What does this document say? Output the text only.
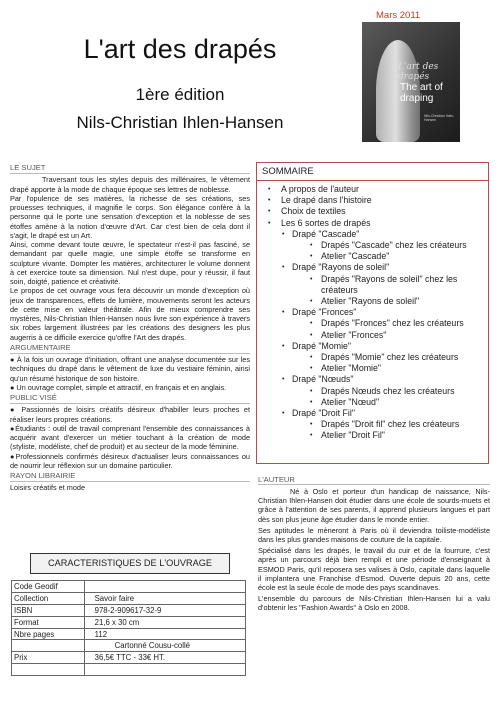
Mars 2011
L'art des
drapés
The art of
draping
Nils-Christian Ihlen-Hansen
L'art des drapés
1ère édition
Nils-Christian Ihlen-Hansen
LE SUJET

Traversant tous les styles depuis des millénaires, le vêtement drapé apporte à la mode de chaque époque ses lettres de noblesse.

Par l'opulence de ses matières, la richesse de ses créations, ses prouesses techniques, il magnifie le corps. Son élégance confère à la personne qui le porte une sensation d'exception et la noblesse de ses étoffes amène à la notion d'œuvre d'Art. Car c'est bien de cela dont il s'agit, le drapé est un Art.

Ainsi, comme devant toute œuvre, le spectateur n'est-il pas fasciné, se demandant par quelle magie, une simple étoffe se transforme en sculpture vivante. Dompter les matières, architecturer le volume donnent à cet exercice toute sa dimension. Nul n'est dupe, pour y réussir, il faut soin, doigté, patience et créativité.

Le propos de cet ouvrage vous fera découvrir un monde d'exception où jeux de transparences, effets de lumière, mouvements seront les acteurs de cette mise en valeur théâtrale. Afin de mieux comprendre ses mystères, Nils-Christian Ihlen-Hansen nous livre son expérience à travers six robes largement illustrées par les créations des designers les plus augerris à ce difficile exercice qu'offre l'Art des drapés.

ARGUMENTAIRE

● À la fois un ouvrage d'initiation, offrant une analyse documentée sur les techniques du drapé dans le vêtement de luxe du vestiaire féminin, ainsi qu'un résumé historique de son histoire.

● Un ouvrage complet, simple et attractif, en français et en anglais.

PUBLIC VISÉ

● Passionnés de loisirs créatifs désireux d'habiller leurs proches et réaliser leurs propres créations.

●Étudiants : outil de travail comprenant l'ensemble des connaissances à acquérir avant d'exercer un métier touchant à la création de mode (styliste, modéliste, chef de produit) et au secteur de la mode féminine.

●Professionnels confirmés désireux d'actualiser leurs connaissances ou de nourrir leur réflexion sur un domaine particulier.

RAYON LIBRAIRIE

Loisirs créatifs et mode

CARACTERISTIQUES DE L'OUVRAGE
Code Geodif	
Collection	Savoir faire
ISBN	978-2-909617-32-9
Format	21,6 x 30 cm
Nbre pages	112
	Cartonné Cousu-collé
Prix	36,5€ TTC - 33€ HT.

SOMMAIRE
• A propos de l'auteur
• Le drapé dans l'histoire
• Choix de textiles
• Les 6 sortes de drapés
• Drapé "Cascade"
• Drapés "Cascade" chez les créateurs
• Atelier "Cascade"
• Drapé "Rayons de soleil"
• Drapés "Rayons de soleil" chez les créateurs
• Atelier "Rayons de soleil"
• Drapé "Fronces"
• Drapés "Fronces" chez les créateurs
• Atelier "Fronces"
• Drapé "Momie"
• Drapés "Momie" chez les créateurs
• Atelier "Momie"
• Drapé "Nœuds"
• Drapés Nœuds chez les créateurs
• Atelier "Nœud"
• Drapé "Droit Fil"
• Drapés "Droit fil" chez les créateurs
• Atelier "Droit Fil"
L'AUTEUR

Né à Oslo et porteur d'un handicap de naissance, Nils-Christian Ihlen-Hansen doit étudier dans une école de sourds-muets et grâce à l'attention de ses parents, il apprend plusieurs langues et part dès son plus jeune âge étudier dans le monde entier.

Ses aptitudes le mèneront à Paris où il deviendra toiliste-modéliste dans les plus grandes maisons de couture de la capitale.

Spécialisé dans les drapés, le travail du cuir et de la fourrure, c'est après un parcours déjà bien rempli et une période d'enseignant à ESMOD Paris, qu'il reposera ses valises à Oslo, capitale dans laquelle il implantera une Franchise d'Esmod. Ouverte depuis 20 ans, cette école est la seule école de mode des pays scandinaves.

L'ensemble du parcours de Nils-Christian Ihlen-Hansen lui a valu d'obtenir les "Fashion Awards" à Oslo en 2008.
